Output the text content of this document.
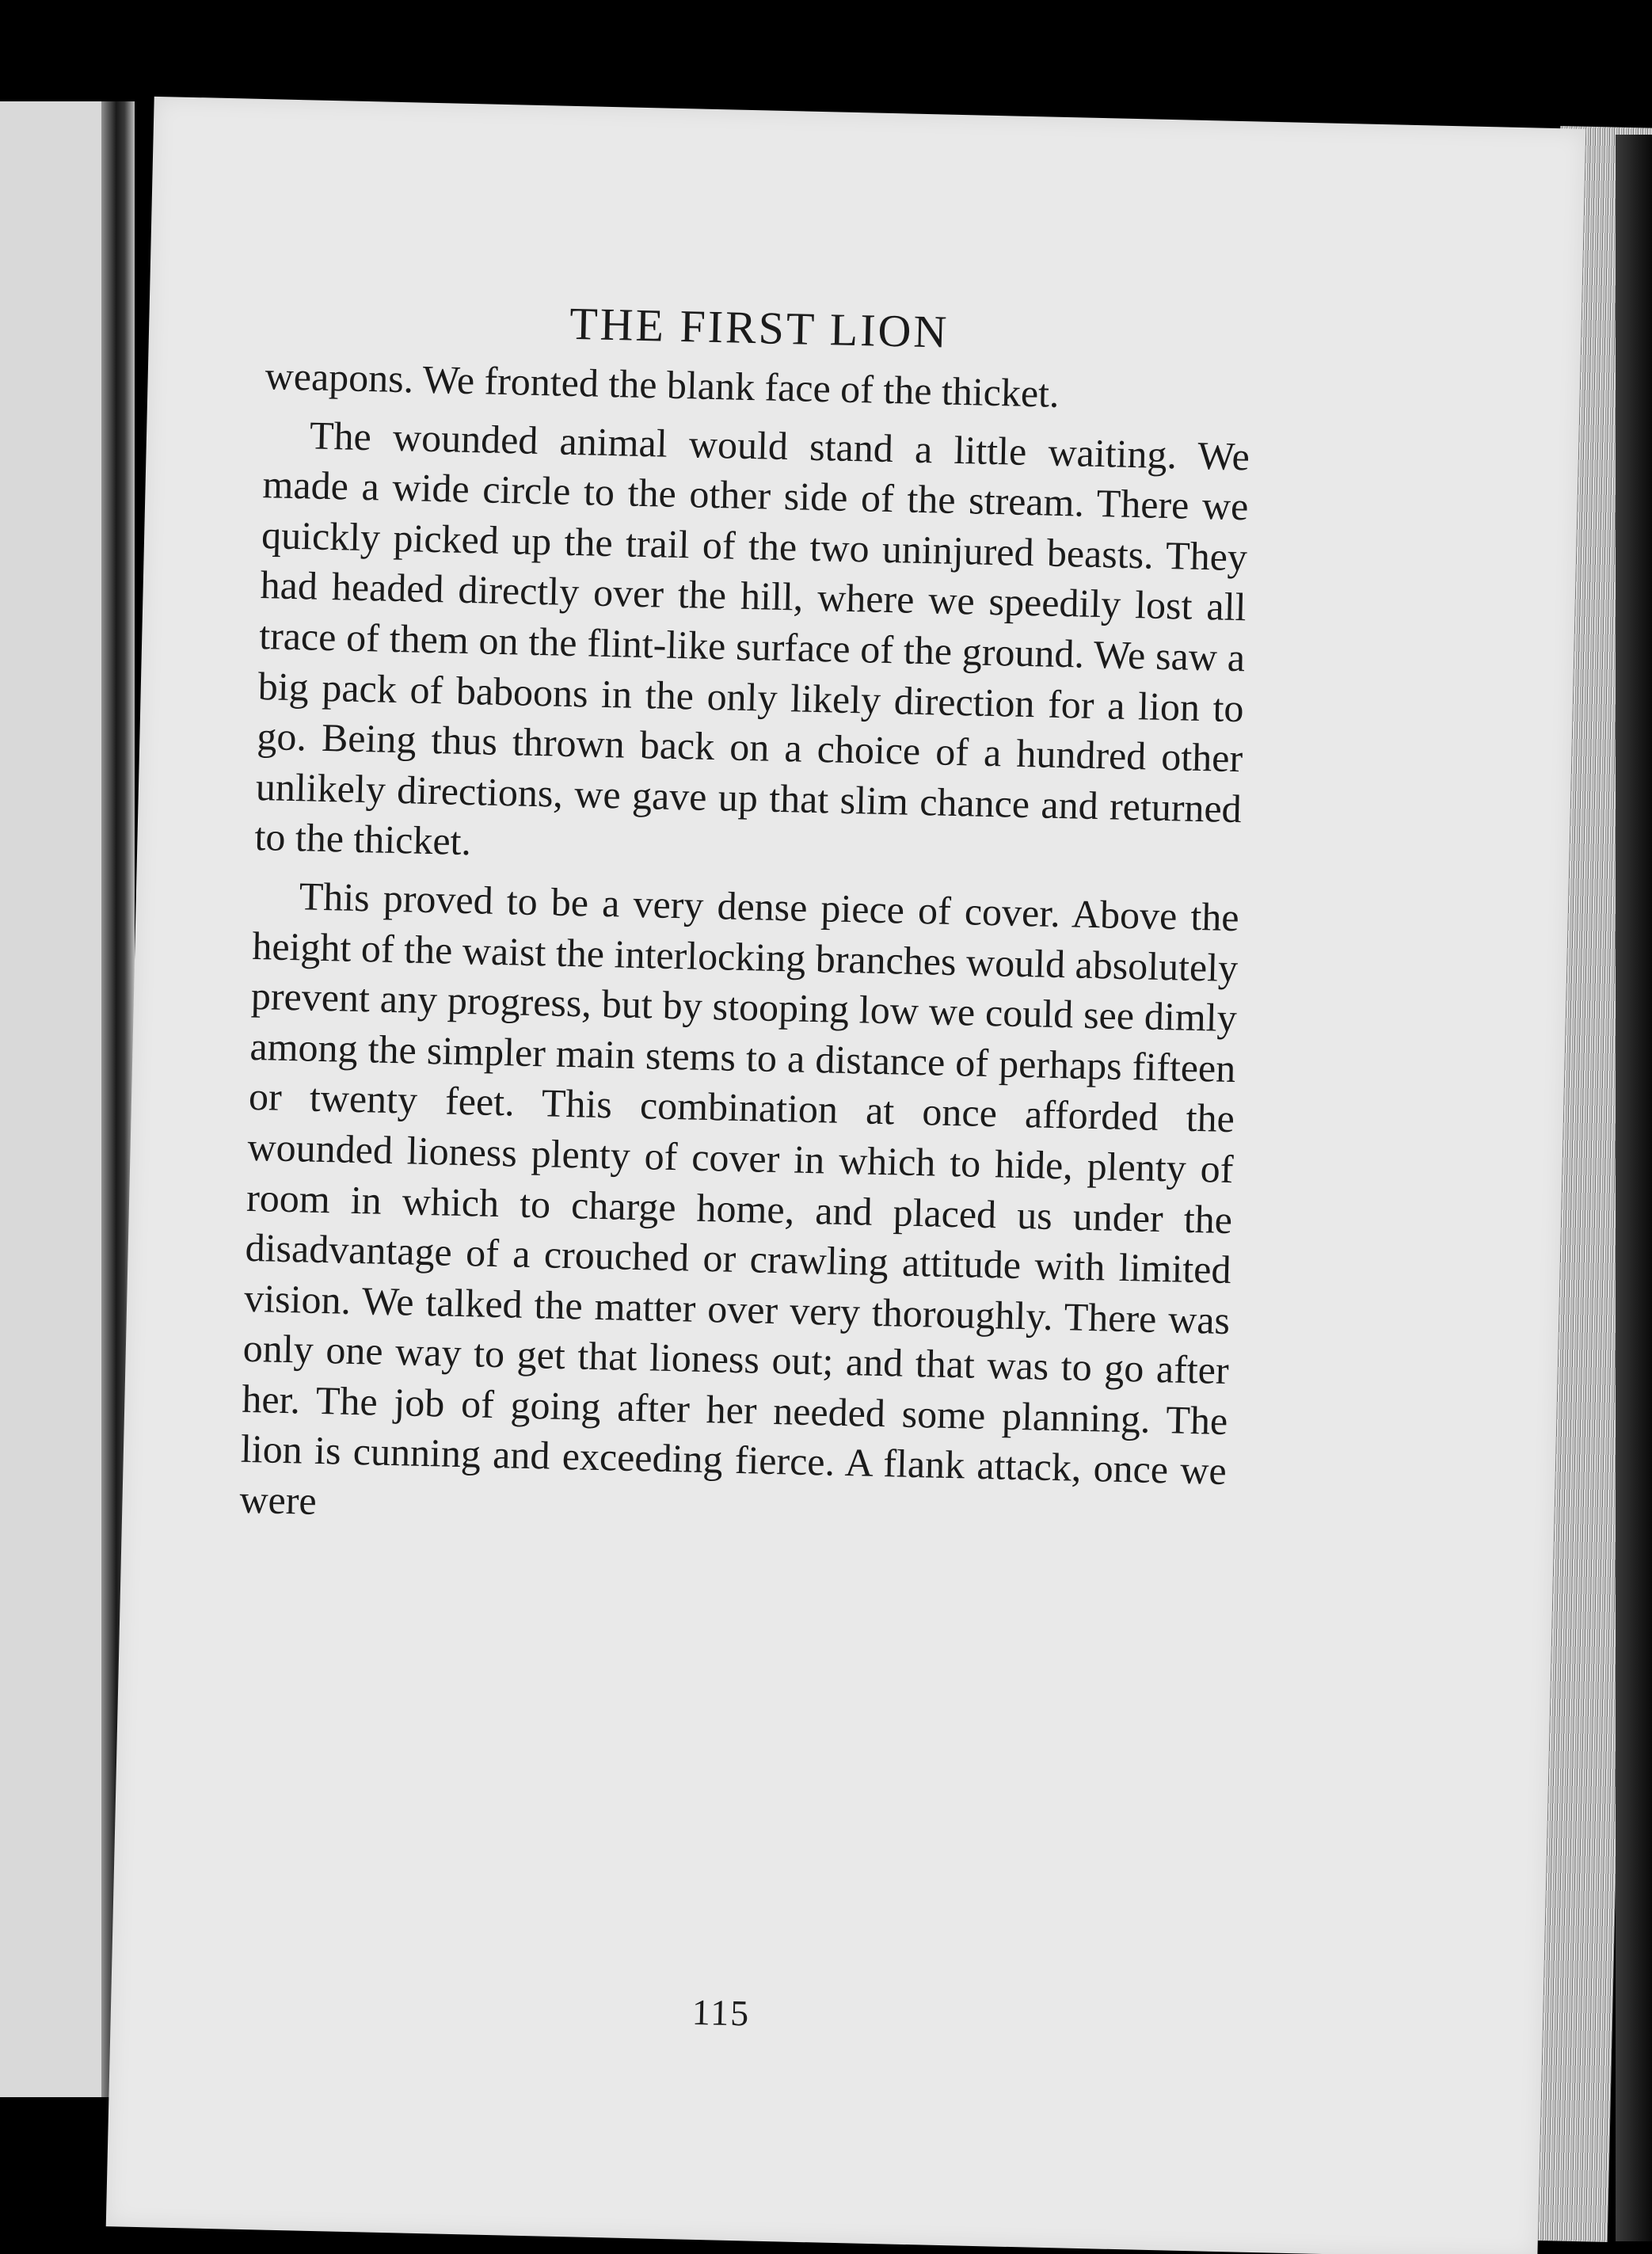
THE FIRST LION

weapons. We fronted the blank face of the thicket.

The wounded animal would stand a little waiting. We made a wide circle to the other side of the stream. There we quickly picked up the trail of the two uninjured beasts. They had headed directly over the hill, where we speedily lost all trace of them on the flint-like surface of the ground. We saw a big pack of baboons in the only likely direction for a lion to go. Being thus thrown back on a choice of a hundred other unlikely directions, we gave up that slim chance and returned to the thicket.

This proved to be a very dense piece of cover. Above the height of the waist the interlocking branches would absolutely prevent any progress, but by stooping low we could see dimly among the simpler main stems to a distance of perhaps fifteen or twenty feet. This combination at once afforded the wounded lioness plenty of cover in which to hide, plenty of room in which to charge home, and placed us under the disadvantage of a crouched or crawling attitude with limited vision. We talked the matter over very thoroughly. There was only one way to get that lioness out; and that was to go after her. The job of going after her needed some planning. The lion is cunning and exceeding fierce. A flank attack, once we were

115
